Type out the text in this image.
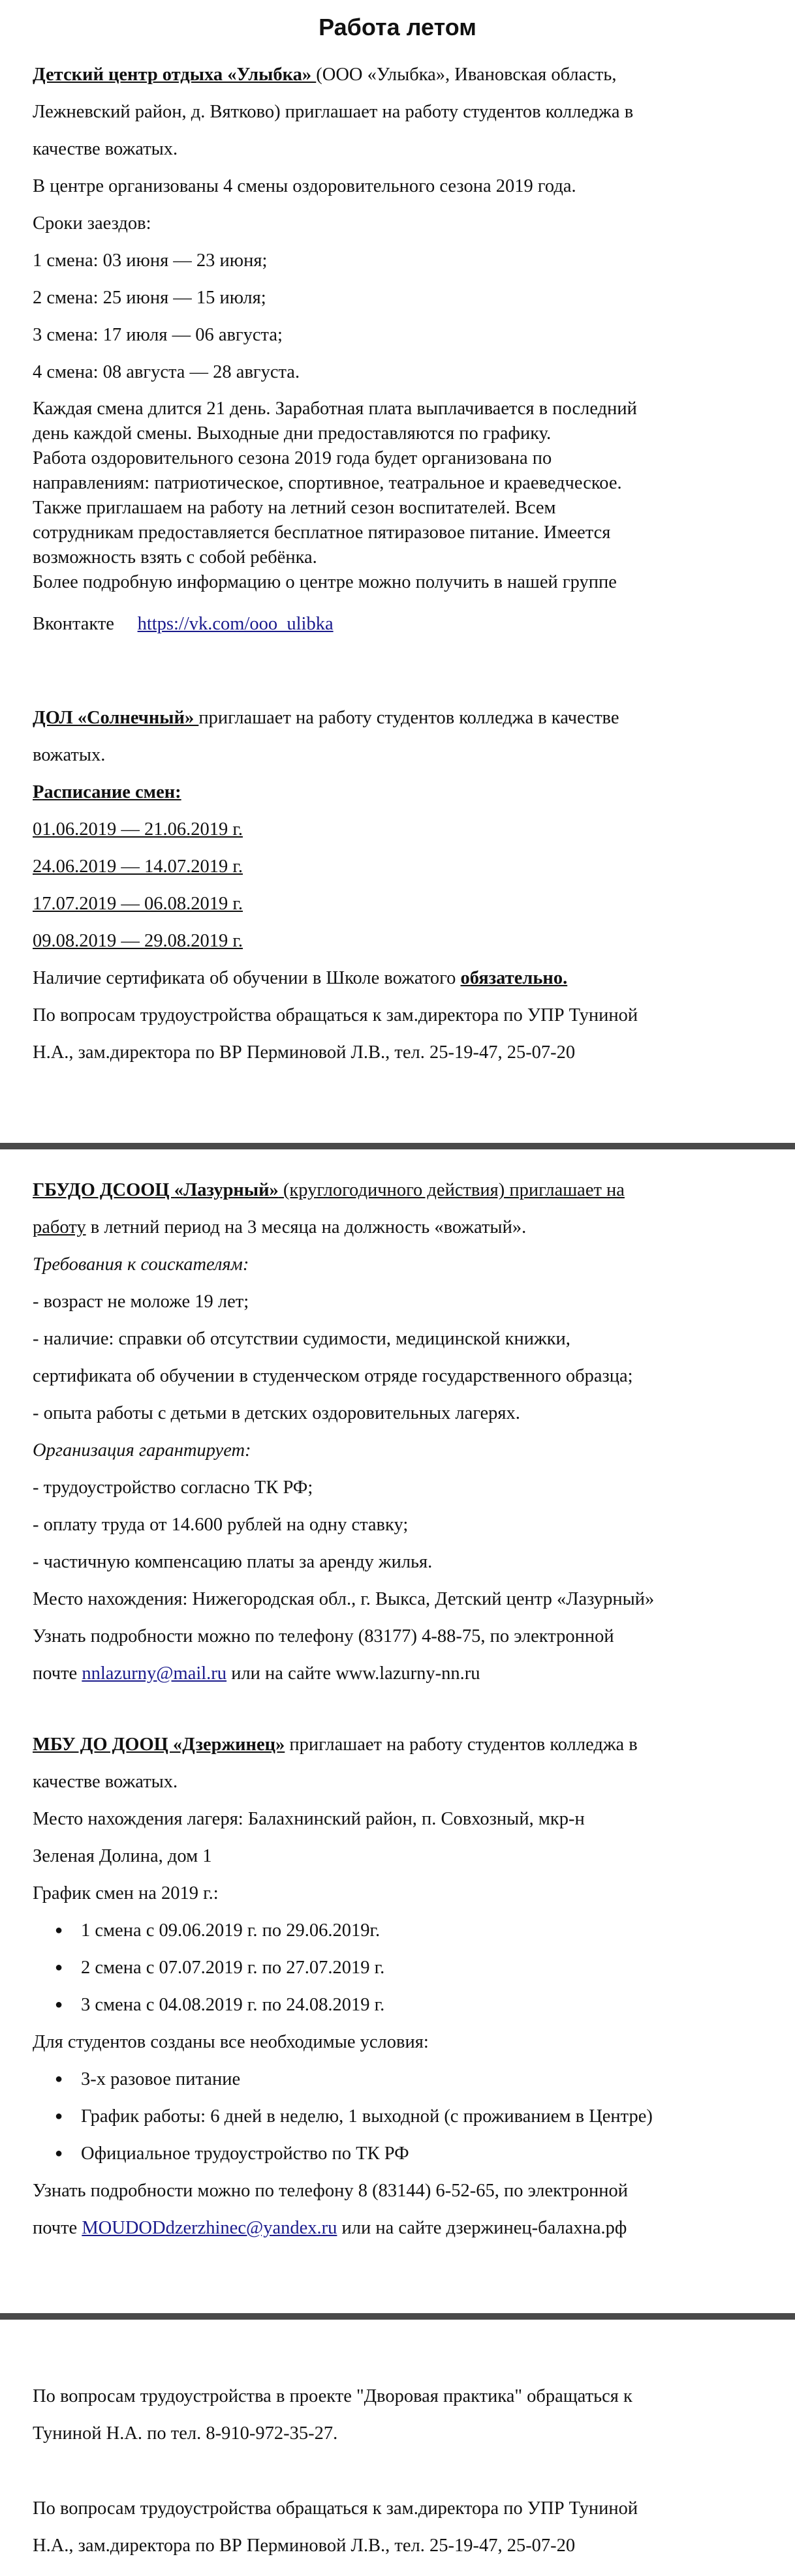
Работа летом
Детский центр отдыха «Улыбка» (ООО «Улыбка», Ивановская область,
Лежневский район, д. Вятково) приглашает на работу студентов колледжа в
качестве вожатых.
В центре организованы 4 смены оздоровительного сезона 2019 года.
Сроки заездов:
1 смена: 03 июня — 23 июня;
2 смена: 25 июня — 15 июля;
3 смена: 17 июля — 06 августа;
4 смена: 08 августа — 28 августа.
Каждая смена длится 21 день. Заработная плата выплачивается в последний
день каждой смены. Выходные дни предоставляются по графику.
Работа оздоровительного сезона 2019 года будет организована по
направлениям: патриотическое, спортивное, театральное и краеведческое.
Также приглашаем на работу на летний сезон воспитателей. Всем
сотрудникам предоставляется бесплатное пятиразовое питание. Имеется
возможность взять с собой ребёнка.
Более подробную информацию о центре можно получить в нашей группе
Вконтакте https://vk.com/ooo_ulibka
ДОЛ «Солнечный» приглашает на работу студентов колледжа в качестве
вожатых.
Расписание смен:
01.06.2019 — 21.06.2019 г.
24.06.2019 — 14.07.2019 г.
17.07.2019 — 06.08.2019 г.
09.08.2019 — 29.08.2019 г.
Наличие сертификата об обучении в Школе вожатого обязательно.
По вопросам трудоустройства обращаться к зам.директора по УПР Туниной
Н.А., зам.директора по ВР Перминовой Л.В., тел. 25-19-47, 25-07-20
ГБУДО ДСООЦ «Лазурный» (круглогодичного действия) приглашает на
работу в летний период на 3 месяца на должность «вожатый».
Требования к соискателям:
- возраст не моложе 19 лет;
- наличие: справки об отсутствии судимости, медицинской книжки,
сертификата об обучении в студенческом отряде государственного образца;
- опыта работы с детьми в детских оздоровительных лагерях.
Организация гарантирует:
- трудоустройство согласно ТК РФ;
- оплату труда от 14.600 рублей на одну ставку;
- частичную компенсацию платы за аренду жилья.
Место нахождения: Нижегородская обл., г. Выкса, Детский центр «Лазурный»
Узнать подробности можно по телефону (83177) 4-88-75, по электронной
почте nnlazurny@mail.ru или на сайте www.lazurny-nn.ru
МБУ ДО ДООЦ «Дзержинец» приглашает на работу студентов колледжа в
качестве вожатых.
Место нахождения лагеря: Балахнинский район, п. Совхозный, мкр-н
Зеленая Долина, дом 1
График смен на 2019 г.:
● 1 смена с 09.06.2019 г. по 29.06.2019г.
● 2 смена с 07.07.2019 г. по 27.07.2019 г.
● 3 смена с 04.08.2019 г. по 24.08.2019 г.
Для студентов созданы все необходимые условия:
● 3-х разовое питание
● График работы: 6 дней в неделю, 1 выходной (с проживанием в Центре)
● Официальное трудоустройство по ТК РФ
Узнать подробности можно по телефону 8 (83144) 6-52-65, по электронной
почте MOUDODdzerzhinec@yandex.ru или на сайте дзержинец-балахна.рф
По вопросам трудоустройства в проекте "Дворовая практика" обращаться к
Туниной Н.А. по тел. 8-910-972-35-27.
По вопросам трудоустройства обращаться к зам.директора по УПР Туниной
Н.А., зам.директора по ВР Перминовой Л.В., тел. 25-19-47, 25-07-20
